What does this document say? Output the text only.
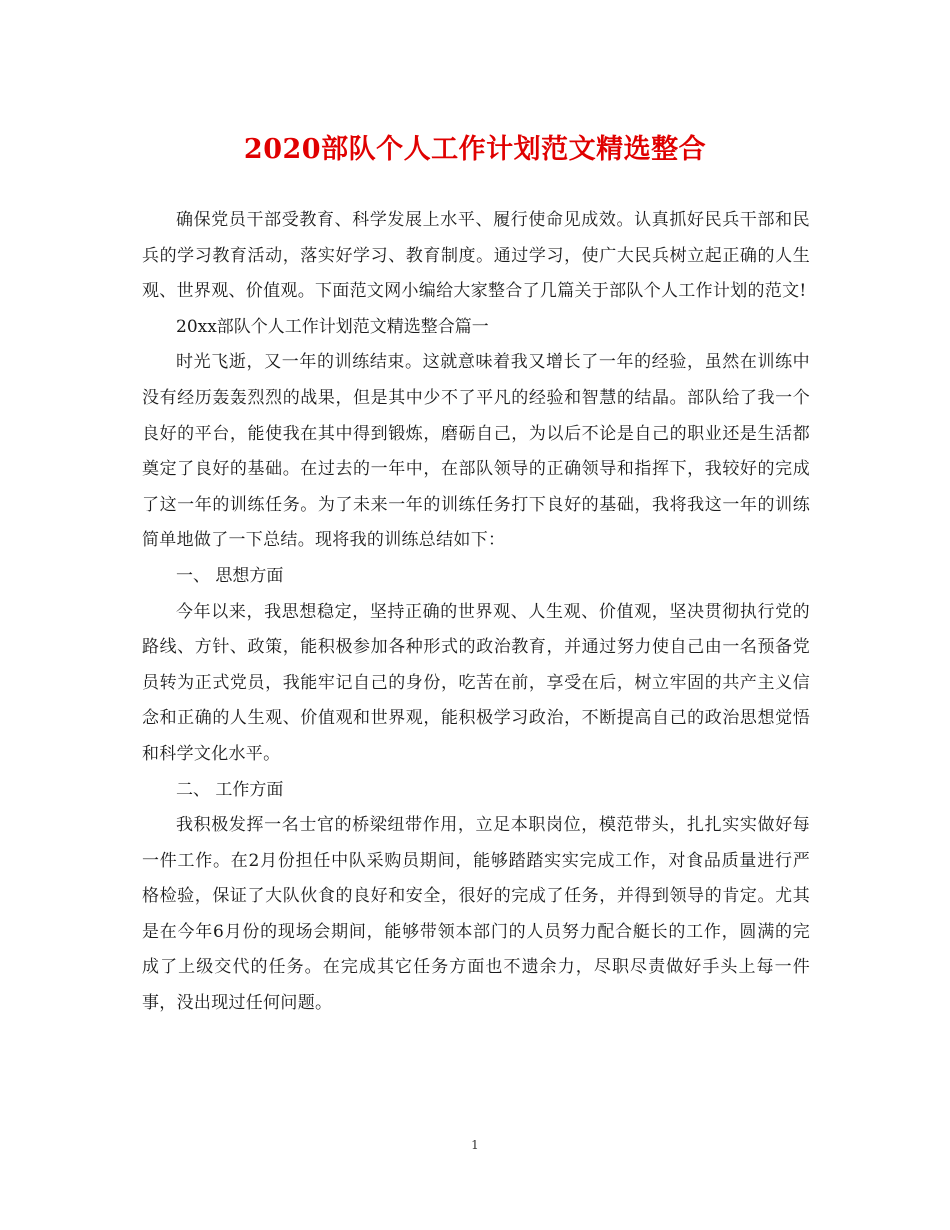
2020部队个人工作计划范文精选整合

确保党员干部受教育、科学发展上水平、履行使命见成效。认真抓好民兵干部和民兵的学习教育活动，落实好学习、教育制度。通过学习，使广大民兵树立起正确的人生观、世界观、价值观。下面范文网小编给大家整合了几篇关于部队个人工作计划的范文!

20xx部队个人工作计划范文精选整合篇一

时光飞逝，又一年的训练结束。这就意味着我又增长了一年的经验，虽然在训练中没有经历轰轰烈烈的战果，但是其中少不了平凡的经验和智慧的结晶。部队给了我一个良好的平台，能使我在其中得到锻炼，磨砺自己，为以后不论是自己的职业还是生活都奠定了良好的基础。在过去的一年中，在部队领导的正确领导和指挥下，我较好的完成了这一年的训练任务。为了未来一年的训练任务打下良好的基础，我将我这一年的训练简单地做了一下总结。现将我的训练总结如下：

一、 思想方面

今年以来，我思想稳定，坚持正确的世界观、人生观、价值观，坚决贯彻执行党的路线、方针、政策，能积极参加各种形式的政治教育，并通过努力使自己由一名预备党员转为正式党员，我能牢记自己的身份，吃苦在前，享受在后，树立牢固的共产主义信念和正确的人生观、价值观和世界观，能积极学习政治，不断提高自己的政治思想觉悟和科学文化水平。

二、 工作方面

我积极发挥一名士官的桥梁纽带作用，立足本职岗位，模范带头，扎扎实实做好每一件工作。在2月份担任中队采购员期间，能够踏踏实实完成工作，对食品质量进行严格检验，保证了大队伙食的良好和安全，很好的完成了任务，并得到领导的肯定。尤其是在今年6月份的现场会期间，能够带领本部门的人员努力配合艇长的工作，圆满的完成了上级交代的任务。在完成其它任务方面也不遗余力，尽职尽责做好手头上每一件事，没出现过任何问题。

1
